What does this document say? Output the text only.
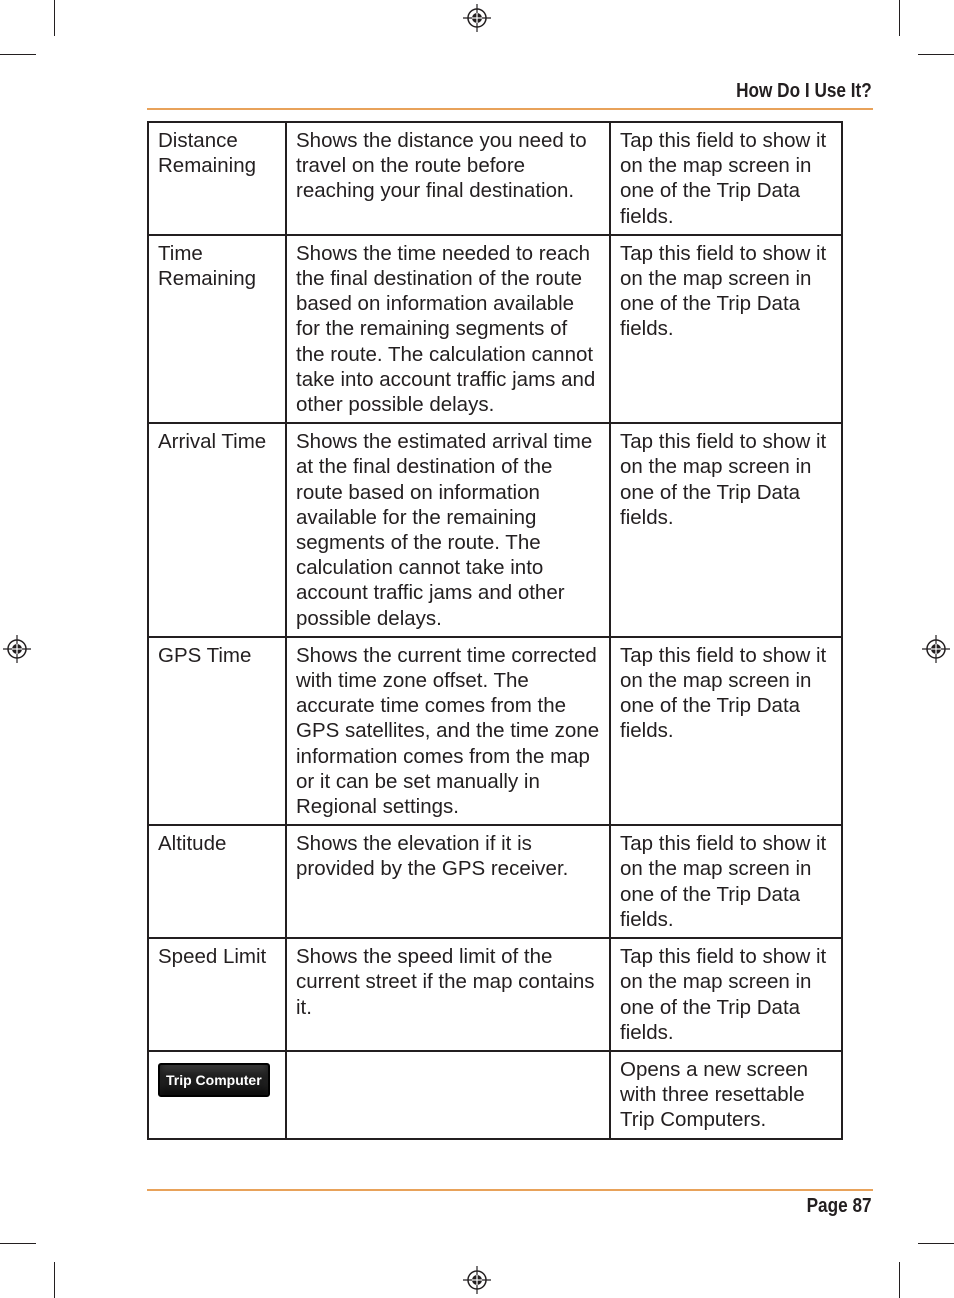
How Do I Use It?
Distance Remaining	Shows the distance you need to travel on the route before reaching your final destination.	Tap this field to show it on the map screen in one of the Trip Data fields.
Time Remaining	Shows the time needed to reach the final destination of the route based on information available for the remaining segments of the route. The calculation cannot take into account traffic jams and other possible delays.	Tap this field to show it on the map screen in one of the Trip Data fields.
Arrival Time	Shows the estimated arrival time at the final destination of the route based on information available for the remaining segments of the route. The calculation cannot take into account traffic jams and other possible delays.	Tap this field to show it on the map screen in one of the Trip Data fields.
GPS Time	Shows the current time corrected with time zone offset. The accurate time comes from the GPS satellites, and the time zone information comes from the map or it can be set manually in Regional settings.	Tap this field to show it on the map screen in one of the Trip Data fields.
Altitude	Shows the elevation if it is provided by the GPS receiver.	Tap this field to show it on the map screen in one of the Trip Data fields.
Speed Limit	Shows the speed limit of the current street if the map contains it.	Tap this field to show it on the map screen in one of the Trip Data fields.
Trip Computer		Opens a new screen with three resettable Trip Computers.
Page 87
